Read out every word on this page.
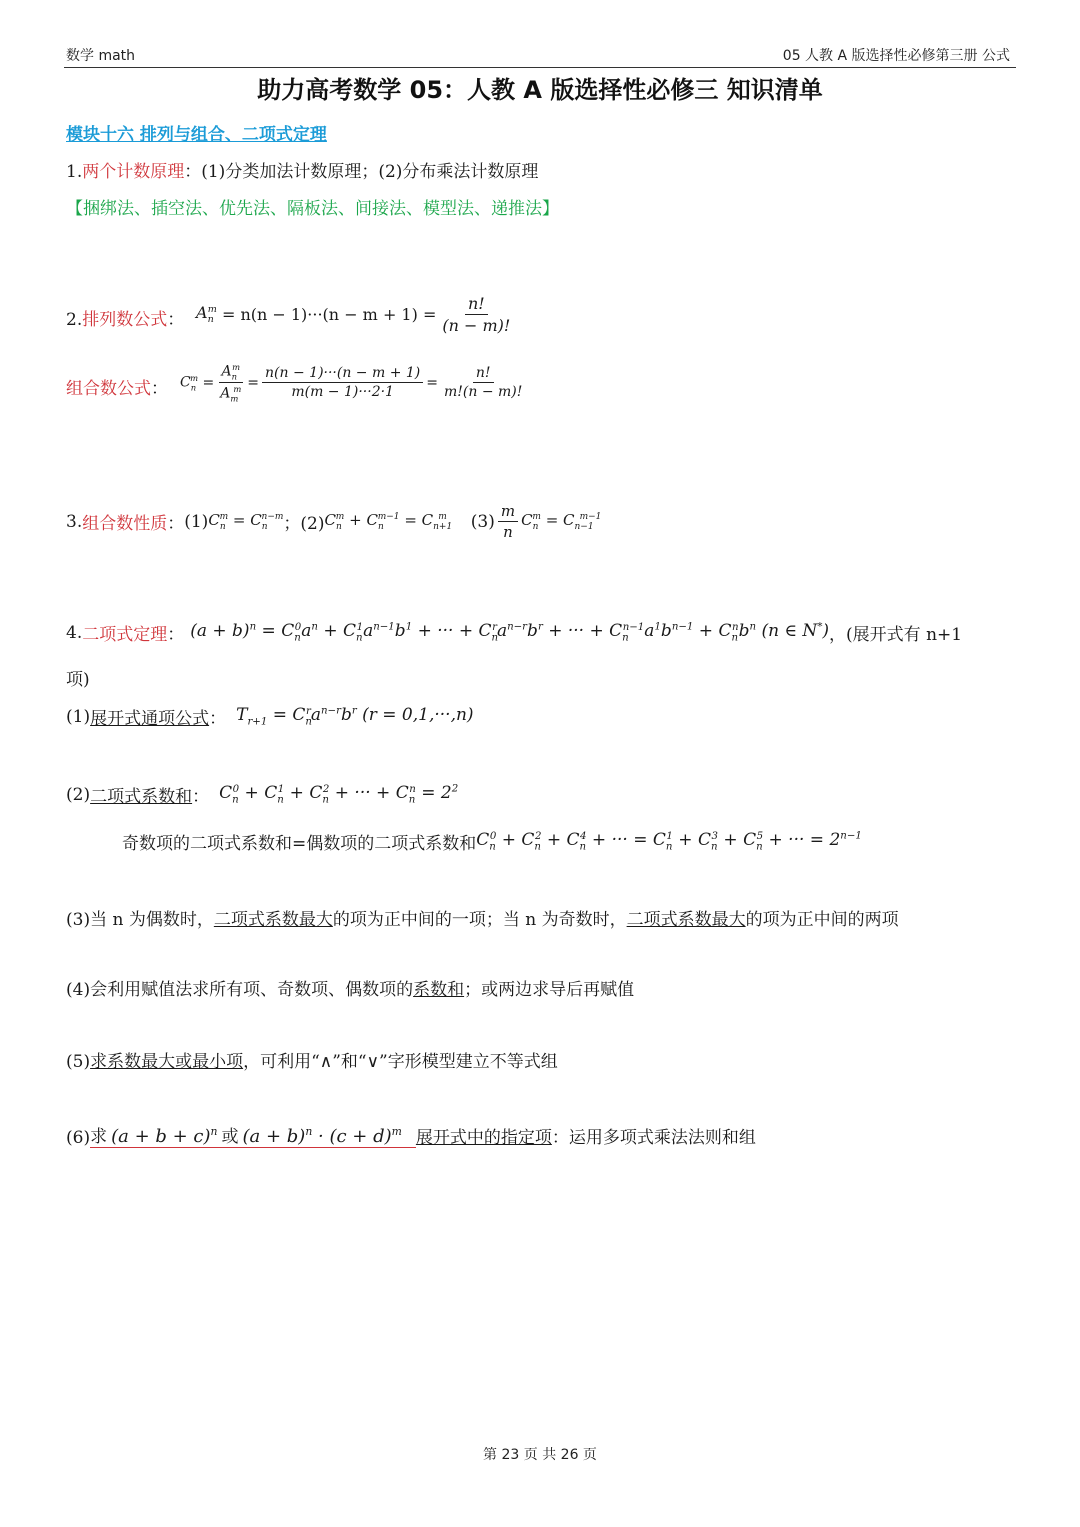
数学 math	05 人教 A 版选择性必修第三册 公式
助力高考数学 05：人教 A 版选择性必修三 知识清单
模块十六 排列与组合、二项式定理
1.两个计数原理：(1)分类加法计数原理；(2)分布乘法计数原理
【捆绑法、插空法、优先法、隔板法、间接法、模型法、递推法】
2.排列数公式： $A_n^m$
= $n(n - 1)\cdot\cdot\cdot(n - m + 1) = \frac{n!}{(n - m)!}$
组合数公式： $C_n^m = \frac{A_n^m}{A_m^m} = \frac{n(n - 1)\cdot\cdot\cdot(n - m + 1)}{m(m - 1)\cdot\cdot\cdot 2\cdot 1} = \frac{n!}{m!(n - m)!}$
3. 组合数性质 ： (1) $C_n^m = C_n^{n-m}$ ；(2) $C_n^m + C_n^{m-1} = C_{n+1}^m$ $(3) \frac{m}{n} C_n^m = C_{n-1}^{m-1}$
4. 二项式定理 ： $(a + b)^n = C_n^0a^n + C_n^1a^{n-1}b^1$ + ··· + $C_n^ra^{n-r}b^r$ + ··· + $C_n^{n-1}a^1b^{n-1} + C_n^nb^n$ (n ∈ N*) ，(展开式有 n+1
项)
(1) 展开式通项公式 ： $T_{r+1} = C_n^ra^{n-r}b^r$ (r = 0,1,···,n)
(2) 二项式系数和 ： $C_n^0 + C_n^1 + C_n^2$ + ··· + $C_n^n = 2^2$
奇数项的二项式系数和=偶数项的二项式系数和 $C_n^0 + C_n^2 + C_n^4$ + ··· = $C_n^1 + C_n^3 + C_n^5$ + ··· = $2^{n-1}$
(3)当 n 为偶数时，二项式系数最大的项为正中间的一项；当 n 为奇数时，二项式系数最大的项为正中间的两项
(4)会利用赋值法求所有项、奇数项、偶数项的系数和；或两边求导后再赋值
(5)求系数最大或最小项，可利用“∧”和“∨”字形模型建立不等式组
(6) 求 $(a + b + c)^n$ 或 $(a + b)^n \cdot (c + d)^m$ 展开式中的指定项 ：运用多项式乘法法则和组
第 23 页 共 26 页
